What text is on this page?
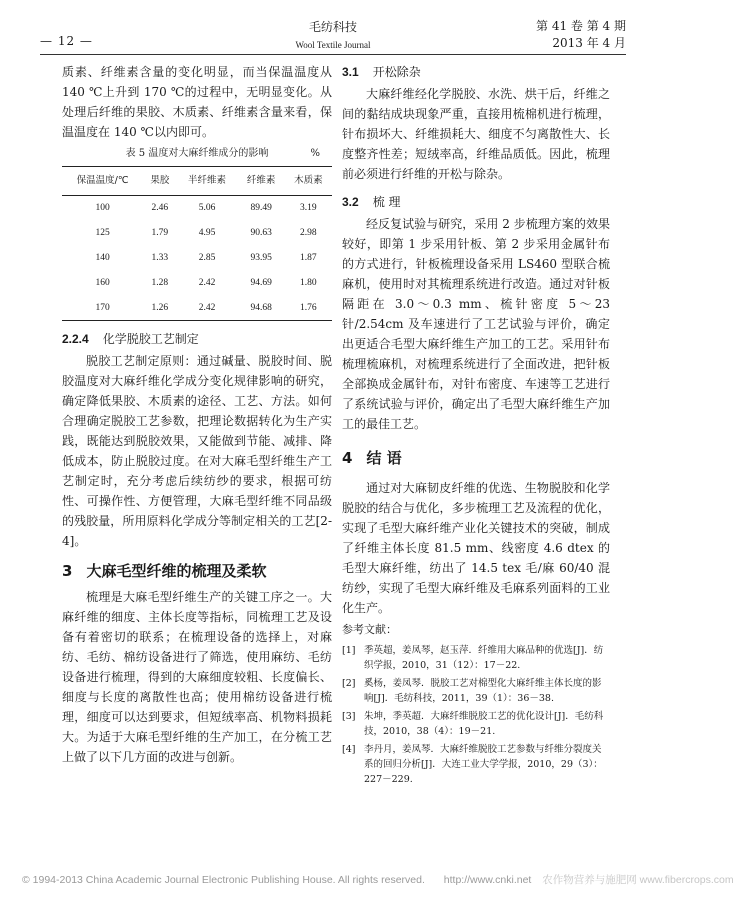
— 12 —
毛纺科技
Wool Textile Journal
第 41 卷 第 4 期
2013 年 4 月

质素、纤维素含量的变化明显，而当保温温度从 140 ℃上升到 170 ℃的过程中，无明显变化。从处理后纤维的果胶、木质素、纤维素含量来看，保温温度在 140 ℃以内即可。

表 5 温度对大麻纤维成分的影响	%
保温温度/℃	果胶	半纤维素	纤维素	木质素
100	2.46	5.06	89.49	3.19
125	1.79	4.95	90.63	2.98
140	1.33	2.85	93.95	1.87
160	1.28	2.42	94.69	1.80
170	1.26	2.42	94.68	1.76
2.2.4 化学脱胶工艺制定

脱胶工艺制定原则：通过碱量、脱胶时间、脱胶温度对大麻纤维化学成分变化规律影响的研究，确定降低果胶、木质素的途径、工艺、方法。如何合理确定脱胶工艺参数，把理论数据转化为生产实践，既能达到脱胶效果，又能做到节能、减排、降低成本，防止脱胶过度。在对大麻毛型纤维生产工艺制定时，充分考虑后续纺纱的要求，根据可纺性、可操作性、方便管理，大麻毛型纤维不同品级的残胶量，所用原料化学成分等制定相关的工艺[2-4]。

3 大麻毛型纤维的梳理及柔软

梳理是大麻毛型纤维生产的关键工序之一。大麻纤维的细度、主体长度等指标，同梳理工艺及设备有着密切的联系；在梳理设备的选择上，对麻纺、毛纺、棉纺设备进行了筛选，使用麻纺、毛纺设备进行梳理，得到的大麻细度较粗、长度偏长、细度与长度的离散性也高；使用棉纺设备进行梳理，细度可以达到要求，但短绒率高、机物料损耗大。为适于大麻毛型纤维的生产加工，在分梳工艺上做了以下几方面的改进与创新。

3.1 开松除杂

大麻纤维经化学脱胶、水洗、烘干后，纤维之间的黏结成块现象严重，直接用梳棉机进行梳理，针布损坏大、纤维损耗大、细度不匀离散性大、长度整齐性差；短绒率高，纤维品质低。因此，梳理前必须进行纤维的开松与除杂。

3.2 梳 理

经反复试验与研究，采用 2 步梳理方案的效果较好，即第 1 步采用针板、第 2 步采用金属针布的方式进行，针板梳理设备采用 LS460 型联合梳麻机，使用时对其梳理系统进行改造。通过对针板隔距在 3.0～0.3 mm、梳针密度 5～23 针/2.54cm 及车速进行了工艺试验与评价，确定出更适合毛型大麻纤维生产加工的工艺。采用针布梳理梳麻机，对梳理系统进行了全面改进，把针板全部换成金属针布，对针布密度、车速等工艺进行了系统试验与评价，确定出了毛型大麻纤维生产加工的最佳工艺。

4 结 语

通过对大麻韧皮纤维的优选、生物脱胶和化学脱胶的结合与优化，多步梳理工艺及流程的优化，实现了毛型大麻纤维产业化关键技术的突破，制成了纤维主体长度 81.5 mm、线密度 4.6 dtex 的毛型大麻纤维，纺出了 14.5 tex 毛/麻 60/40 混纺纱，实现了毛型大麻纤维及毛麻系列面料的工业化生产。

参考文献：
[1] 季英超，姜凤琴，赵玉萍．纤维用大麻品种的优选[J]．纺织学报，2010，31（12）：17－22.
[2] 奚杨，姜凤琴．脱胶工艺对棉型化大麻纤维主体长度的影响[J]．毛纺科技，2011，39（1）：36－38.
[3] 朱坤，季英超．大麻纤维脱胶工艺的优化设计[J]．毛纺科技，2010，38（4）：19－21.
[4] 李丹月，姜凤琴．大麻纤维脱胶工艺参数与纤维分裂度关系的回归分析[J]．大连工业大学学报，2010，29（3）：227－229.
© 1994-2013 China Academic Journal Electronic Publishing House. All rights reserved. http://www.cnki.net 农作物营养与施肥网 www.fibercrops.com
